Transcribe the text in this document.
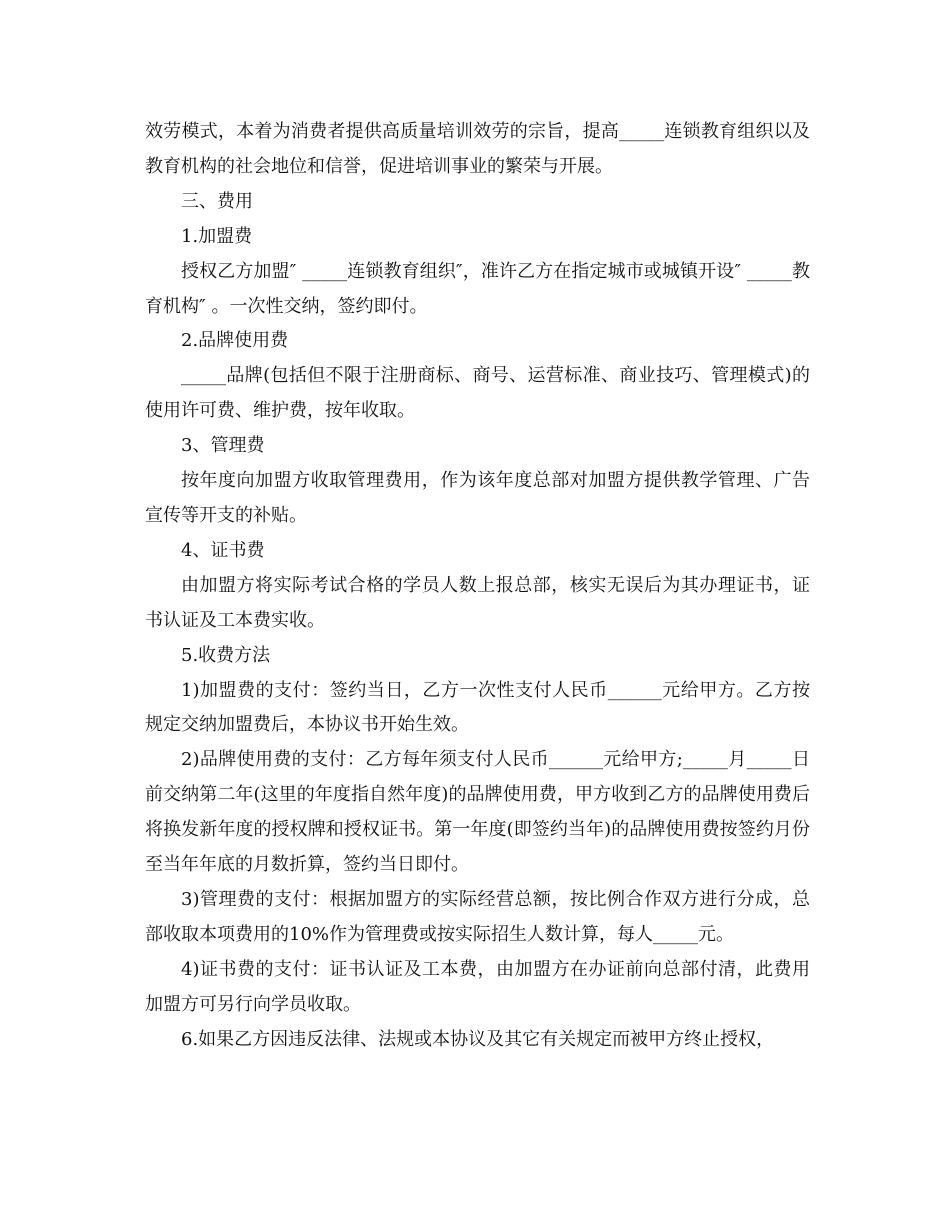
效劳模式，本着为消费者提供高质量培训效劳的宗旨，提高_____连锁教育组织以及教育机构的社会地位和信誉，促进培训事业的繁荣与开展。

三、费用

1.加盟费

授权乙方加盟″ _____连锁教育组织″，准许乙方在指定城市或城镇开设″ _____教育机构″ 。一次性交纳，签约即付。

2.品牌使用费

_____品牌(包括但不限于注册商标、商号、运营标准、商业技巧、管理模式)的使用许可费、维护费，按年收取。

3、管理费

按年度向加盟方收取管理费用，作为该年度总部对加盟方提供教学管理、广告宣传等开支的补贴。

4、证书费

由加盟方将实际考试合格的学员人数上报总部，核实无误后为其办理证书，证书认证及工本费实收。

5.收费方法

1)加盟费的支付：签约当日，乙方一次性支付人民币______元给甲方。乙方按规定交纳加盟费后，本协议书开始生效。

2)品牌使用费的支付：乙方每年须支付人民币______元给甲方;_____月_____日前交纳第二年(这里的年度指自然年度)的品牌使用费，甲方收到乙方的品牌使用费后将换发新年度的授权牌和授权证书。第一年度(即签约当年)的品牌使用费按签约月份至当年年底的月数折算，签约当日即付。

3)管理费的支付：根据加盟方的实际经营总额，按比例合作双方进行分成，总部收取本项费用的10%作为管理费或按实际招生人数计算，每人_____元。

4)证书费的支付：证书认证及工本费，由加盟方在办证前向总部付清，此费用加盟方可另行向学员收取。

6.如果乙方因违反法律、法规或本协议及其它有关规定而被甲方终止授权，
